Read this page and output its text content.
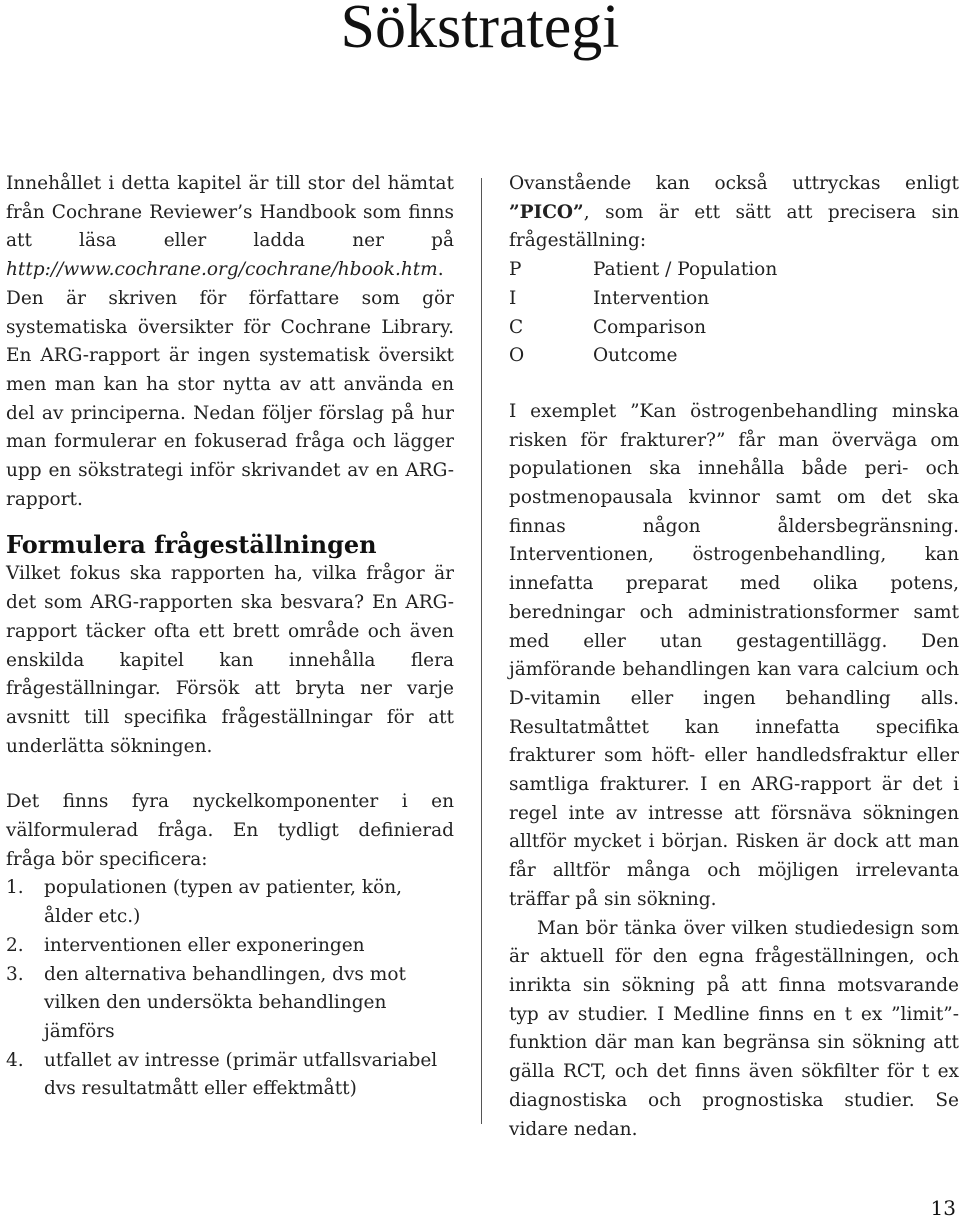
Sökstrategi

Innehållet i detta kapitel är till stor del hämtat från Cochrane Reviewer’s Handbook som finns att läsa eller ladda ner på http://www.cochrane.org/cochrane/hbook.htm. Den är skriven för författare som gör systematiska översikter för Cochrane Library. En ARG-rapport är ingen systematisk översikt men man kan ha stor nytta av att använda en del av principerna. Nedan följer förslag på hur man formulerar en fokuserad fråga och lägger upp en sökstrategi inför skrivandet av en ARG-rapport.

Formulera frågeställningen

Vilket fokus ska rapporten ha, vilka frågor är det som ARG-rapporten ska besvara? En ARG-rapport täcker ofta ett brett område och även enskilda kapitel kan innehålla flera frågeställningar. Försök att bryta ner varje avsnitt till specifika frågeställningar för att underlätta sökningen.

Det finns fyra nyckelkomponenter i en välformulerad fråga. En tydligt definierad fråga bör specificera:

1.	populationen (typen av patienter, kön, ålder etc.)
2.	interventionen eller exponeringen
3.	den alternativa behandlingen, dvs mot vilken den undersökta behandlingen jämförs
4.	utfallet av intresse (primär utfallsvariabel dvs resultatmått eller effektmått)

Ovanstående kan också uttryckas enligt ”PICO”, som är ett sätt att precisera sin frågeställning:

P	Patient / Population
I	Intervention
C	Comparison
O	Outcome

I exemplet ”Kan östrogenbehandling minska risken för frakturer?” får man överväga om populationen ska innehålla både peri- och postmenopausala kvinnor samt om det ska finnas någon åldersbegränsning. Interventionen, östrogenbehandling, kan innefatta preparat med olika potens, beredningar och administrationsformer samt med eller utan gestagentillägg. Den jämförande behandlingen kan vara calcium och D-vitamin eller ingen behandling alls. Resultatmåttet kan innefatta specifika frakturer som höft- eller handledsfraktur eller samtliga frakturer. I en ARG-rapport är det i regel inte av intresse att försnäva sökningen alltför mycket i början. Risken är dock att man får alltför många och möjligen irrelevanta träffar på sin sökning.

Man bör tänka över vilken studiedesign som är aktuell för den egna frågeställningen, och inrikta sin sökning på att finna motsvarande typ av studier. I Medline finns en t ex ”limit”-funktion där man kan begränsa sin sökning att gälla RCT, och det finns även sökfilter för t ex diagnostiska och prognostiska studier. Se vidare nedan.

13
